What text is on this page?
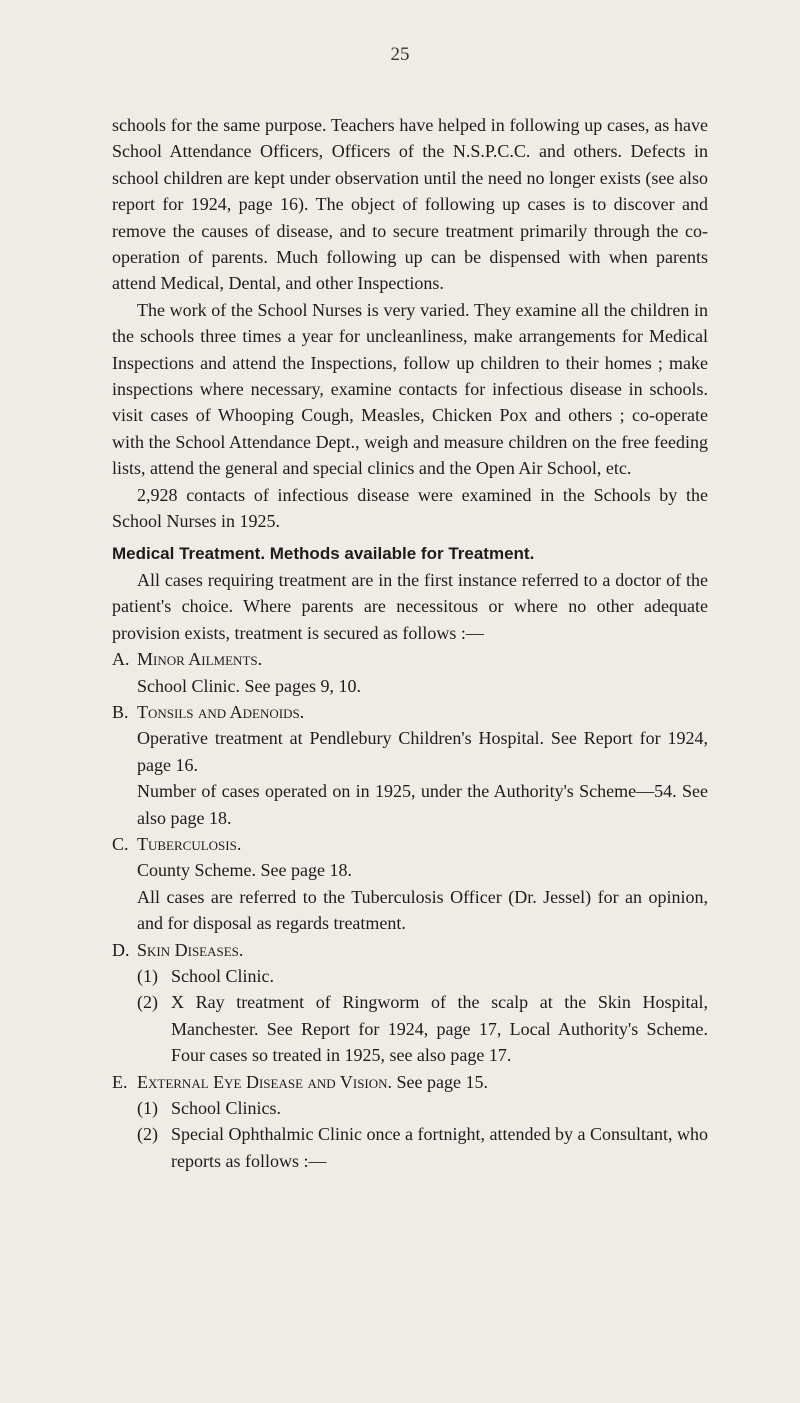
25

schools for the same purpose. Teachers have helped in following up cases, as have School Attendance Officers, Officers of the N.S.P.C.C. and others. Defects in school children are kept under observation until the need no longer exists (see also report for 1924, page 16). The object of following up cases is to discover and remove the causes of disease, and to secure treatment primarily through the co-operation of parents. Much following up can be dispensed with when parents attend Medical, Dental, and other Inspections.

The work of the School Nurses is very varied. They examine all the children in the schools three times a year for uncleanliness, make arrangements for Medical Inspections and attend the Inspections, follow up children to their homes ; make inspections where necessary, examine contacts for infectious disease in schools. visit cases of Whooping Cough, Measles, Chicken Pox and others ; co-operate with the School Attendance Dept., weigh and measure children on the free feeding lists, attend the general and special clinics and the Open Air School, etc.

2,928 contacts of infectious disease were examined in the Schools by the School Nurses in 1925.

Medical Treatment. Methods available for Treatment.

All cases requiring treatment are in the first instance referred to a doctor of the patient's choice. Where parents are necessitous or where no other adequate provision exists, treatment is secured as follows :—

A. Minor Ailments.

School Clinic. See pages 9, 10.

B. Tonsils and Adenoids.

Operative treatment at Pendlebury Children's Hospital. See Report for 1924, page 16.

Number of cases operated on in 1925, under the Authority's Scheme—54. See also page 18.

C. Tuberculosis.

County Scheme. See page 18.

All cases are referred to the Tuberculosis Officer (Dr. Jessel) for an opinion, and for disposal as regards treatment.

D. Skin Diseases.
(1) School Clinic.
(2) X Ray treatment of Ringworm of the scalp at the Skin Hospital, Manchester. See Report for 1924, page 17, Local Authority's Scheme. Four cases so treated in 1925, see also page 17.
E. External Eye Disease and Vision. See page 15.
(1) School Clinics.
(2) Special Ophthalmic Clinic once a fortnight, attended by a Consultant, who reports as follows :—
